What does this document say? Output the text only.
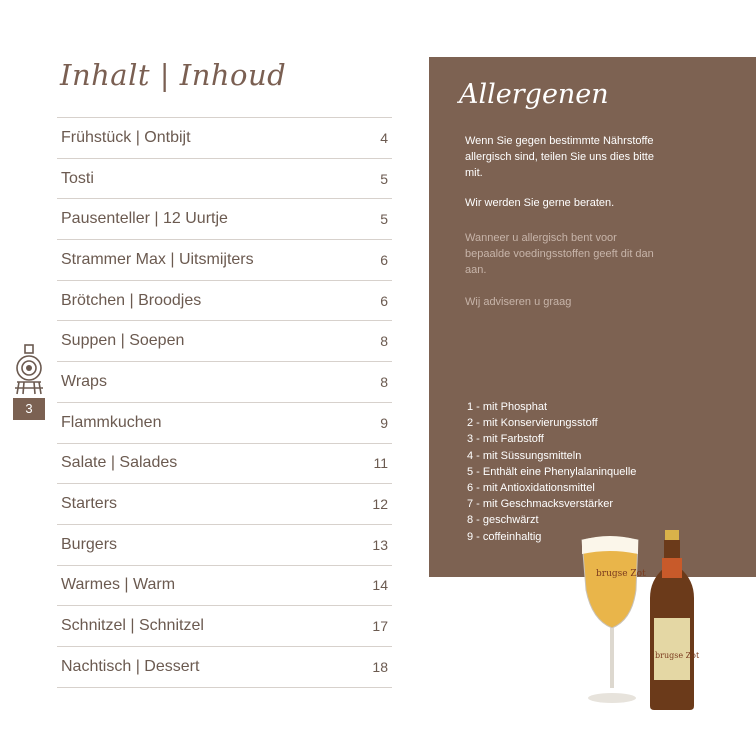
Inhalt | Inhoud
Frühstück | Ontbijt	4
Tosti	5
Pausenteller | 12 Uurtje	5
Strammer Max | Uitsmijters	6
Brötchen | Broodjes	6
Suppen | Soepen	8
Wraps	8
Flammkuchen	9
Salate | Salades	11
Starters	12
Burgers	13
Warmes | Warm	14
Schnitzel | Schnitzel	17
Nachtisch | Dessert	18
3
Allergenen

Wenn Sie gegen bestimmte Nährstoffe allergisch sind, teilen Sie uns dies bitte mit.

Wir werden Sie gerne beraten.

Wanneer u allergisch bent voor bepaalde voedingsstoffen geeft dit dan aan.

Wij adviseren u graag

1 - mit Phosphat
2 - mit Konservierungsstoff
3 - mit Farbstoff
4 - mit Süssungsmitteln
5 - Enthält eine Phenylalaninquelle
6 - mit Antioxidationsmittel
7 - mit Geschmacksverstärker
8 - geschwärzt
9 - coffeinhaltig
brugse Zot
brugse Zot
